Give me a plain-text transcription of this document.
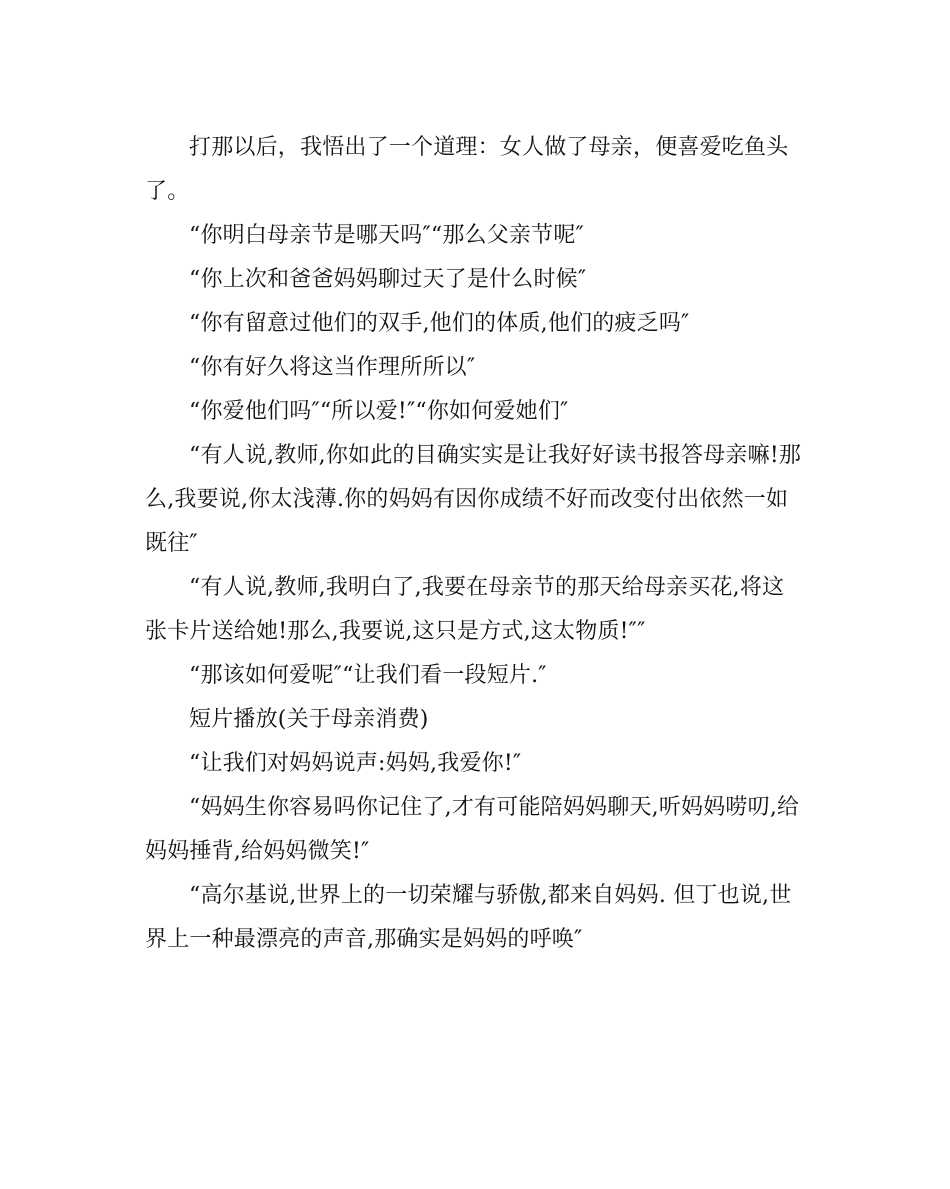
打那以后，我悟出了一个道理：女人做了母亲，便喜爱吃鱼头了。

“你明白母亲节是哪天吗″“那么父亲节呢″

“你上次和爸爸妈妈聊过天了是什么时候″

“你有留意过他们的双手,他们的体质,他们的疲乏吗″

“你有好久将这当作理所所以″

“你爱他们吗″“所以爱!″“你如何爱她们″

“有人说,教师,你如此的目确实实是让我好好读书报答母亲嘛!那么,我要说,你太浅薄.你的妈妈有因你成绩不好而改变付出依然一如既往″

“有人说,教师,我明白了,我要在母亲节的那天给母亲买花,将这张卡片送给她!那么,我要说,这只是方式,这太物质!″″

“那该如何爱呢″“让我们看一段短片.″

短片播放(关于母亲消费)

“让我们对妈妈说声:妈妈,我爱你!″

“妈妈生你容易吗你记住了,才有可能陪妈妈聊天,听妈妈唠叨,给妈妈捶背,给妈妈微笑!″

“高尔基说,世界上的一切荣耀与骄傲,都来自妈妈. 但丁也说,世界上一种最漂亮的声音,那确实是妈妈的呼唤″
